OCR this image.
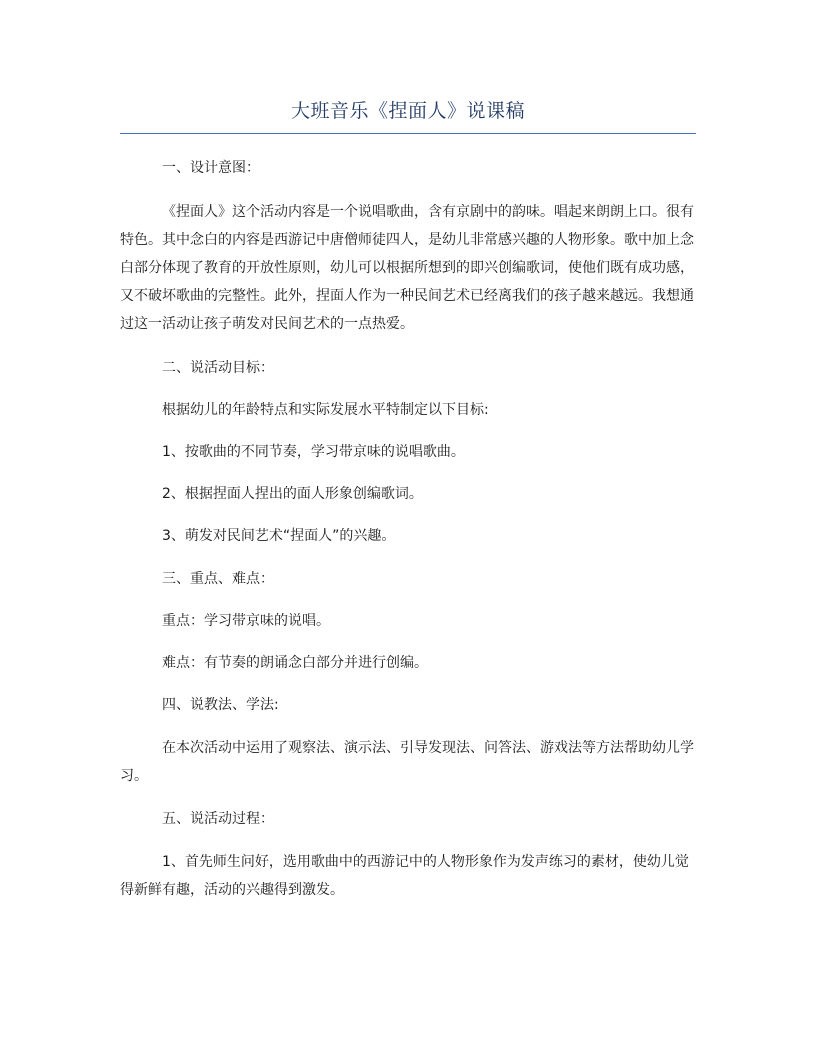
大班音乐《捏面人》说课稿
一、设计意图：
《捏面人》这个活动内容是一个说唱歌曲，含有京剧中的韵味。唱起来朗朗上口。很有特色。其中念白的内容是西游记中唐僧师徒四人，是幼儿非常感兴趣的人物形象。歌中加上念白部分体现了教育的开放性原则，幼儿可以根据所想到的即兴创编歌词，使他们既有成功感，又不破坏歌曲的完整性。此外，捏面人作为一种民间艺术已经离我们的孩子越来越远。我想通过这一活动让孩子萌发对民间艺术的一点热爱。
二、说活动目标：
根据幼儿的年龄特点和实际发展水平特制定以下目标:
1、按歌曲的不同节奏，学习带京味的说唱歌曲。
2、根据捏面人捏出的面人形象创编歌词。
3、萌发对民间艺术“捏面人”的兴趣。
三、重点、难点：
重点：学习带京味的说唱。
难点：有节奏的朗诵念白部分并进行创编。
四、说教法、学法:
在本次活动中运用了观察法、演示法、引导发现法、问答法、游戏法等方法帮助幼儿学习。
五、说活动过程：
1、首先师生问好，选用歌曲中的西游记中的人物形象作为发声练习的素材，使幼儿觉得新鲜有趣，活动的兴趣得到激发。
